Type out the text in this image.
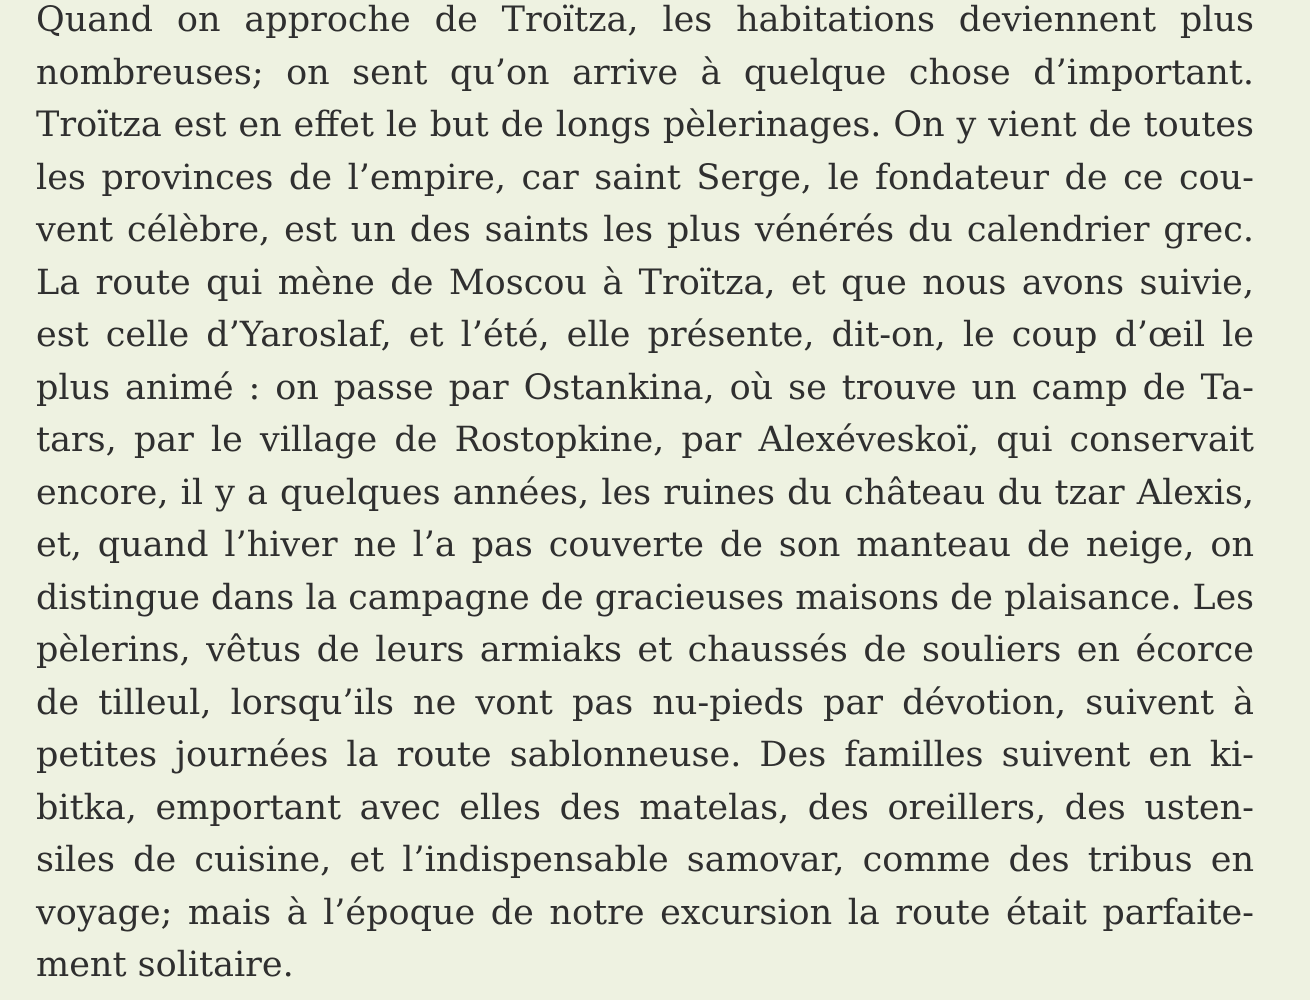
Quand on approche de Troïtza, les habitations deviennent plus
nombreuses; on sent qu’on arrive à quelque chose d’important.
Troïtza est en effet le but de longs pèlerinages. On y vient de toutes
les provinces de l’empire, car saint Serge, le fondateur de ce cou-
vent célèbre, est un des saints les plus vénérés du calendrier grec.
La route qui mène de Moscou à Troïtza, et que nous avons suivie,
est celle d’Yaroslaf, et l’été, elle présente, dit-on, le coup d’œil le
plus animé : on passe par Ostankina, où se trouve un camp de Ta-
tars, par le village de Rostopkine, par Alexéveskoï, qui conservait
encore, il y a quelques années, les ruines du château du tzar Alexis,
et, quand l’hiver ne l’a pas couverte de son manteau de neige, on
distingue dans la campagne de gracieuses maisons de plaisance. Les
pèlerins, vêtus de leurs armiaks et chaussés de souliers en écorce
de tilleul, lorsqu’ils ne vont pas nu-pieds par dévotion, suivent à
petites journées la route sablonneuse. Des familles suivent en ki-
bitka, emportant avec elles des matelas, des oreillers, des usten-
siles de cuisine, et l’indispensable samovar, comme des tribus en
voyage; mais à l’époque de notre excursion la route était parfaite-
ment solitaire.
